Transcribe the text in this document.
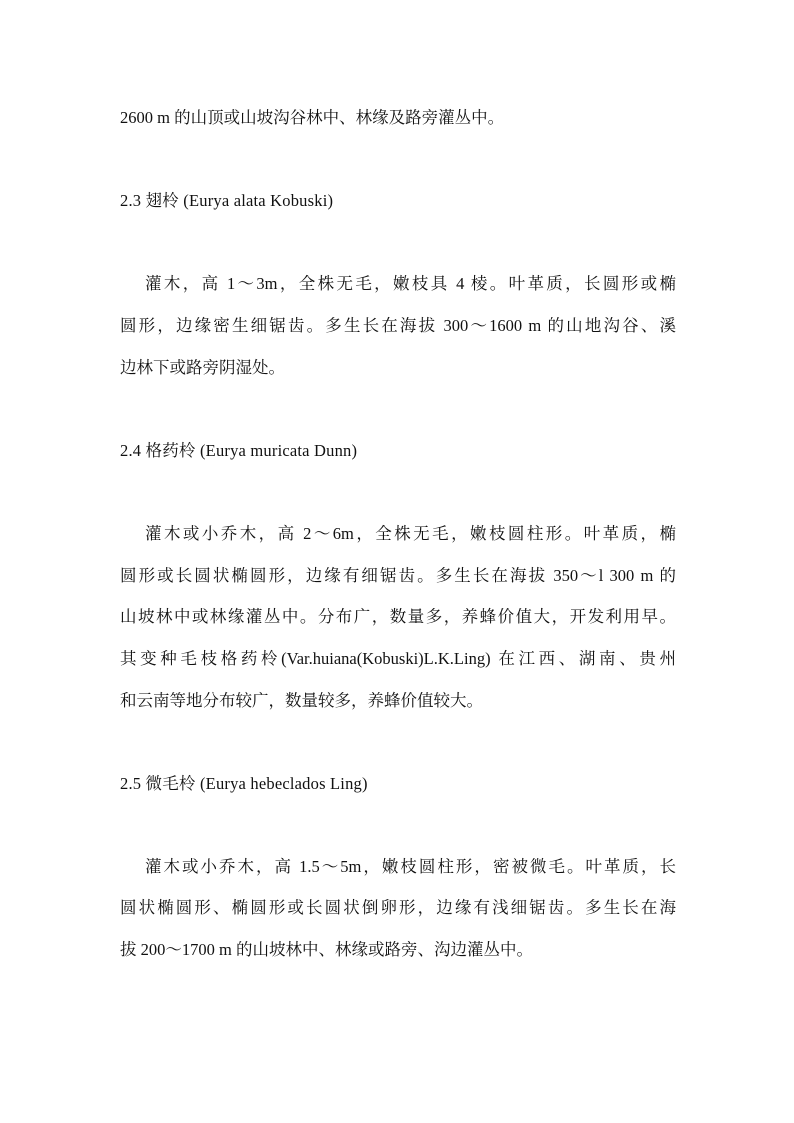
2600 m 的山顶或山坡沟谷林中、林缘及路旁灌丛中。
2.3 翅柃 (Eurya alata Kobuski)
灌木，高 1～3m，全株无毛，嫩枝具 4 棱。叶革质，长圆形或椭
圆形，边缘密生细锯齿。多生长在海拔 300～1600 m 的山地沟谷、溪
边林下或路旁阴湿处。
2.4 格药柃 (Eurya muricata Dunn)
灌木或小乔木，高 2～6m，全株无毛，嫩枝圆柱形。叶革质，椭
圆形或长圆状椭圆形，边缘有细锯齿。多生长在海拔 350～l 300 m 的
山坡林中或林缘灌丛中。分布广，数量多，养蜂价值大，开发利用早。
其变种毛枝格药柃(Var.huiana(Kobuski)L.K.Ling) 在江西、湖南、贵州
和云南等地分布较广，数量较多，养蜂价值较大。
2.5 微毛柃 (Eurya hebeclados Ling)
灌木或小乔木，高 1.5～5m，嫩枝圆柱形，密被微毛。叶革质，长
圆状椭圆形、椭圆形或长圆状倒卵形，边缘有浅细锯齿。多生长在海
拔 200～1700 m 的山坡林中、林缘或路旁、沟边灌丛中。
